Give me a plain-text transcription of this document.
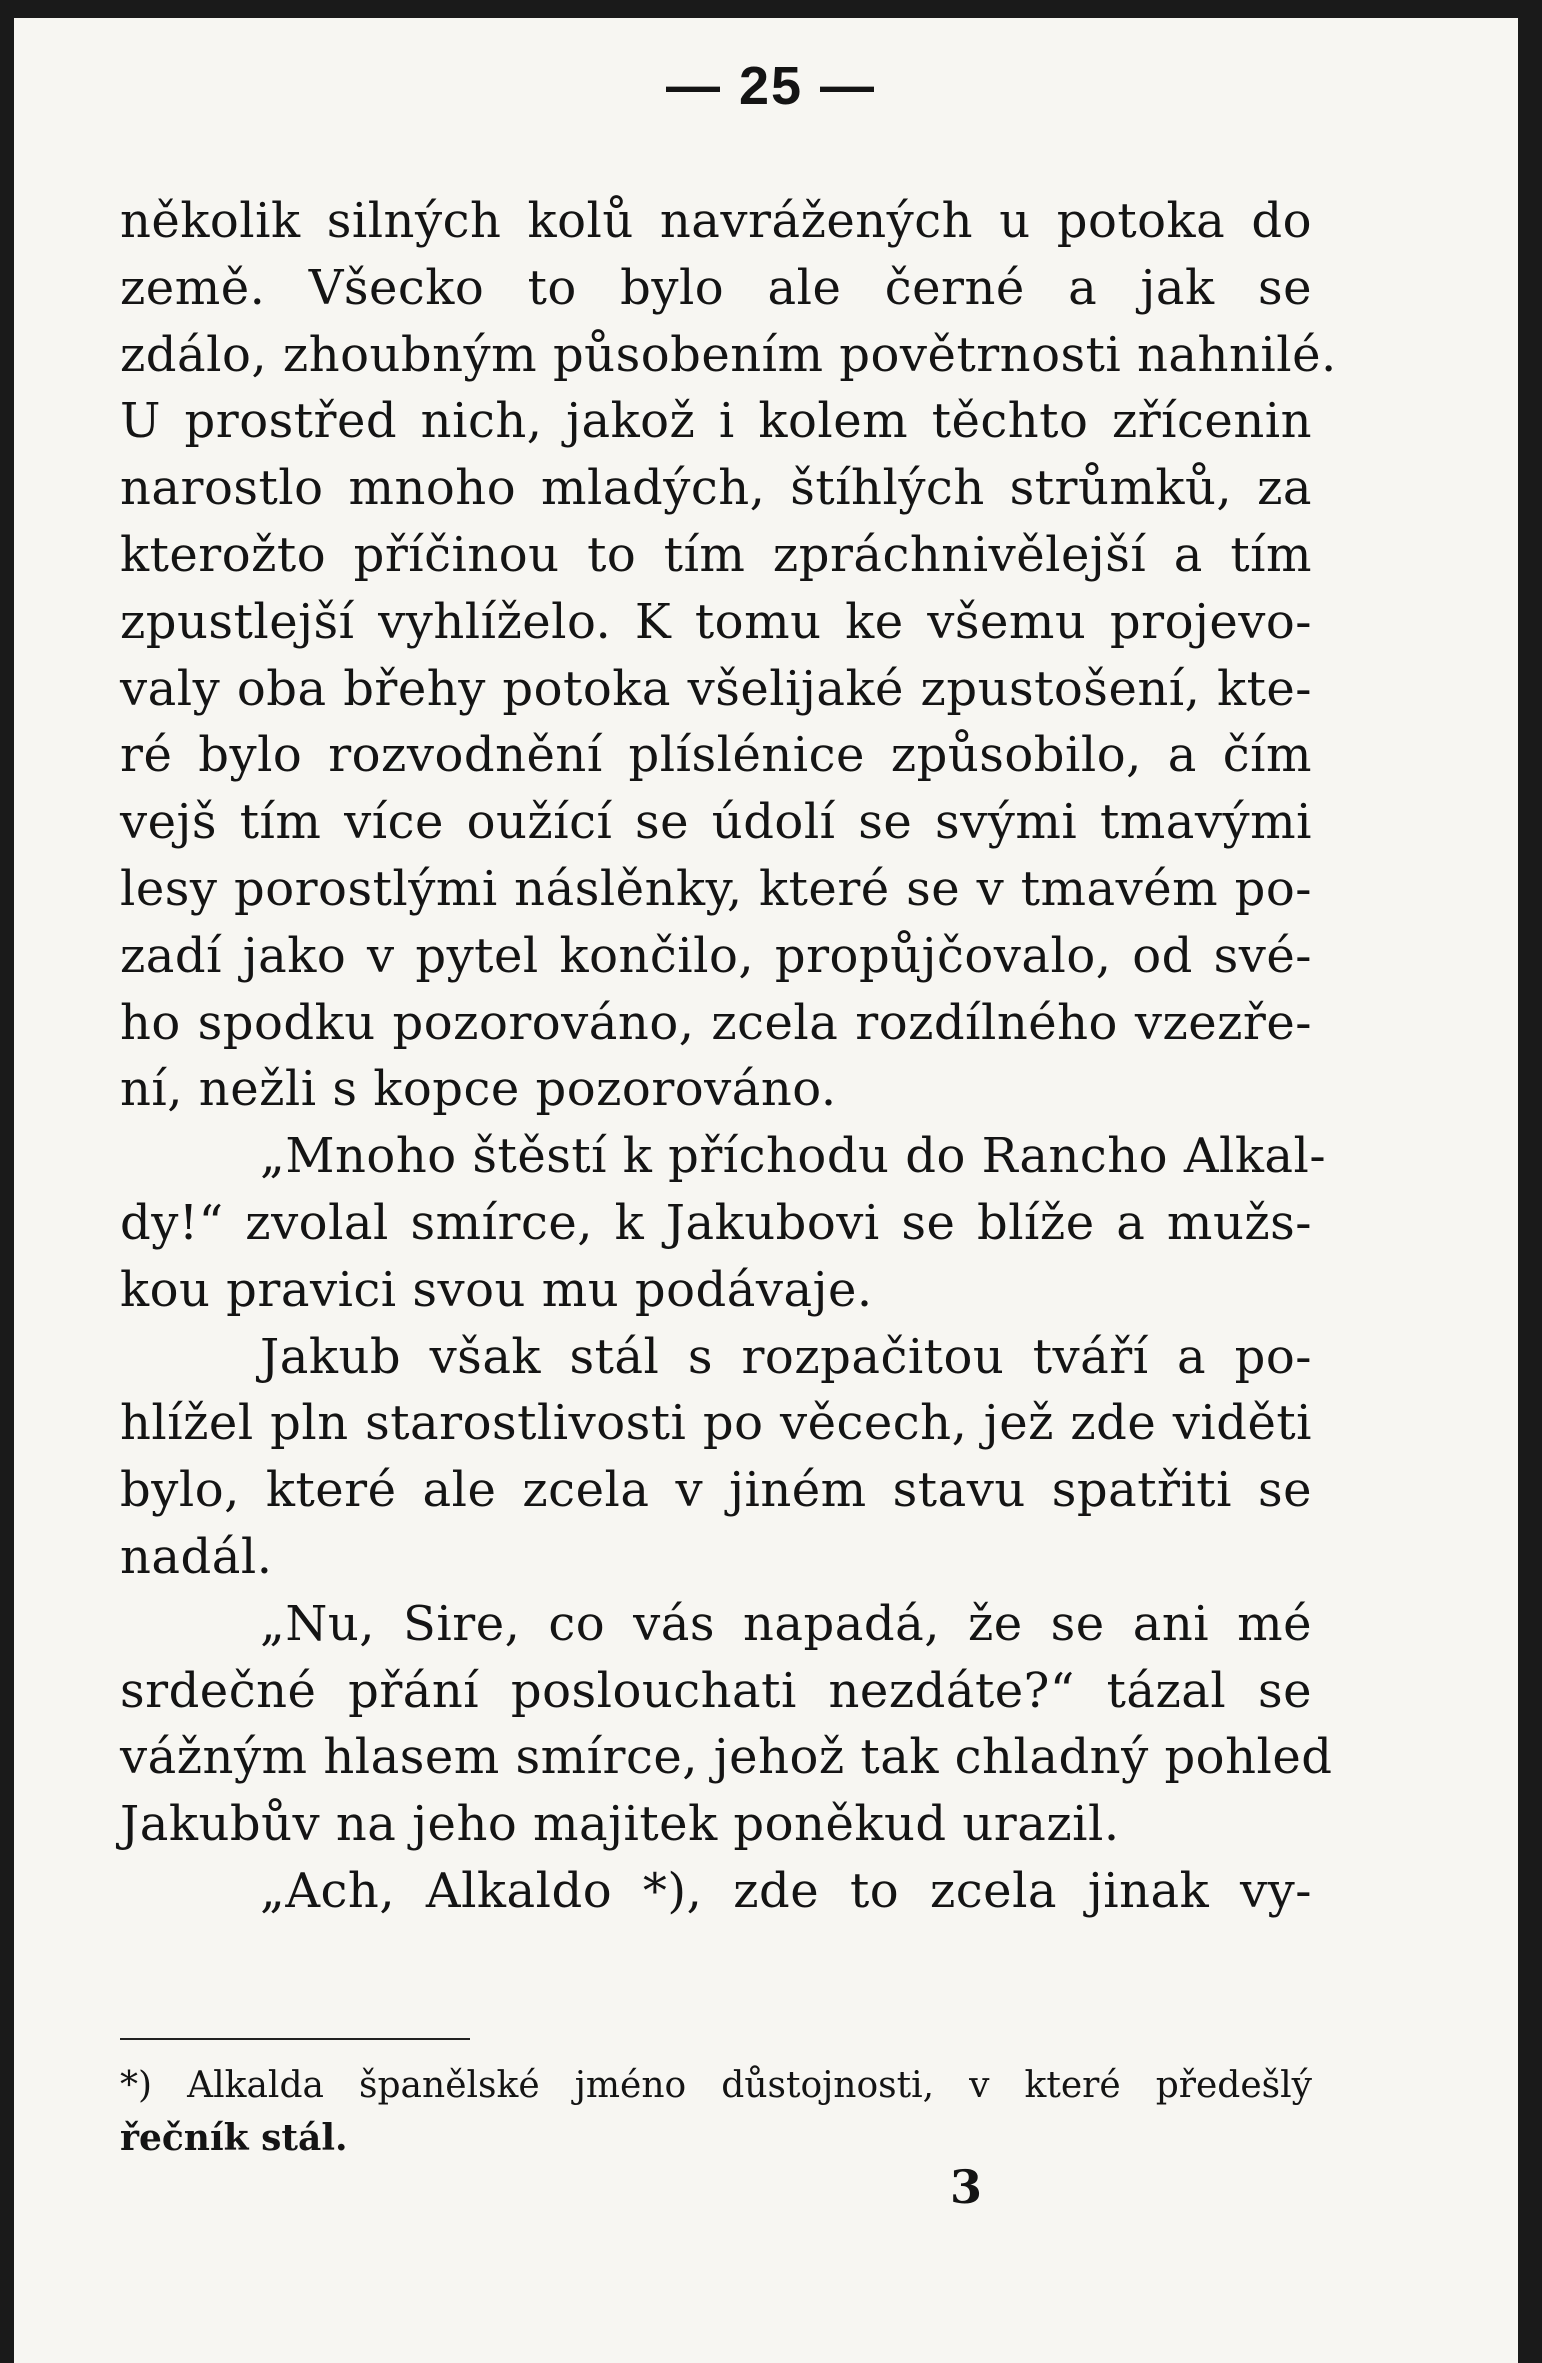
— 25 —
několik silných kolů navrážených u potoka do
země. Všecko to bylo ale černé a jak se
zdálo, zhoubným působením povětrnosti nahnilé.
U prostřed nich, jakož i kolem těchto zřícenin
narostlo mnoho mladých, štíhlých strůmků, za
kterožto příčinou to tím zpráchnivělejší a tím
zpustlejší vyhlíželo. K tomu ke všemu projevo-
valy oba břehy potoka všelijaké zpustošení, kte-
ré bylo rozvodnění plíslénice způsobilo, a čím
vejš tím více oužící se údolí se svými tmavými
lesy porostlými náslěnky, které se v tmavém po-
zadí jako v pytel končilo, propůjčovalo, od své-
ho spodku pozorováno, zcela rozdílného vzezře-
ní, nežli s kopce pozorováno.
„Mnoho štěstí k příchodu do Rancho Alkal-
dy!“ zvolal smírce, k Jakubovi se blíže a mužs-
kou pravici svou mu podávaje.
Jakub však stál s rozpačitou tváří a po-
hlížel pln starostlivosti po věcech, jež zde viděti
bylo, které ale zcela v jiném stavu spatřiti se
nadál.
„Nu, Sire, co vás napadá, že se ani mé
srdečné přání poslouchati nezdáte?“ tázal se
vážným hlasem smírce, jehož tak chladný pohled
Jakubův na jeho majitek poněkud urazil.
„Ach, Alkaldo *), zde to zcela jinak vy-
*) Alkalda španělské jméno důstojnosti, v které předešlý
řečník stál.
3
